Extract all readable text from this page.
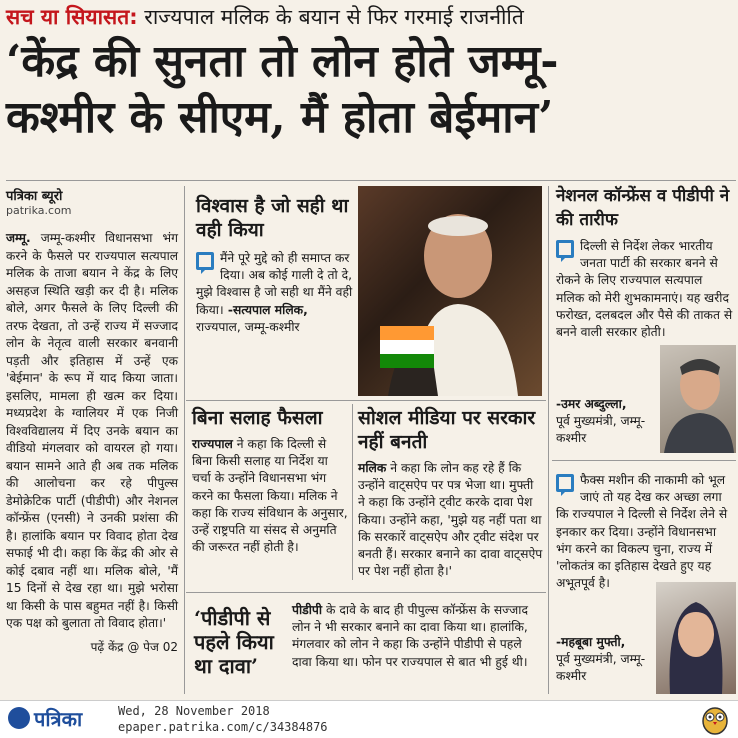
सच या सियासत: राज्यपाल मलिक के बयान से फिर गरमाई राजनीति
‘केंद्र की सुनता तो लोन होते जम्मू-
कश्मीर के सीएम, मैं होता बेईमान’
पत्रिका ब्यूरो
patrika.com
जम्मू. जम्मू-कश्मीर विधानसभा भंग करने के फैसले पर राज्यपाल सत्यपाल मलिक के ताजा बयान ने केंद्र के लिए असहज स्थिति खड़ी कर दी है। मलिक बोले, अगर फैसले के लिए दिल्ली की तरफ देखता, तो उन्हें राज्य में सज्जाद लोन के नेतृत्व वाली सरकार बनवानी पड़ती और इतिहास में उन्हें एक 'बेईमान' के रूप में याद किया जाता। इसलिए, मामला ही खत्म कर दिया। मध्यप्रदेश के ग्वालियर में एक निजी विश्वविद्यालय में दिए उनके बयान का वीडियो मंगलवार को वायरल हो गया। बयान सामने आते ही अब तक मलिक की आलोचना कर रहे पीपुल्स डेमोक्रेटिक पार्टी (पीडीपी) और नेशनल कॉन्फ्रेंस (एनसी) ने उनकी प्रशंसा की है। हालांकि बयान पर विवाद होता देख सफाई भी दी। कहा कि केंद्र की ओर से कोई दबाव नहीं था। मलिक बोले, 'मैं 15 दिनों से देख रहा था। मुझे भरोसा था किसी के पास बहुमत नहीं है। किसी एक पक्ष को बुलाता तो विवाद होता।'
पढ़ें केंद्र @ पेज 02
विश्वास है जो सही था वही किया
मैंने पूरे मुद्दे को ही समाप्त कर दिया। अब कोई गाली दे तो दे, मुझे विश्वास है जो सही था मैंने वही किया। -सत्यपाल मलिक, राज्यपाल, जम्मू-कश्मीर
बिना सलाह फैसला
राज्यपाल ने कहा कि दिल्ली से बिना किसी सलाह या निर्देश या चर्चा के उन्होंने विधानसभा भंग करने का फैसला किया। मलिक ने कहा कि राज्य संविधान के अनुसार, उन्हें राष्ट्रपति या संसद से अनुमति की जरूरत नहीं होती है।
सोशल मीडिया पर सरकार नहीं बनती
मलिक ने कहा कि लोन कह रहे हैं कि उन्होंने वाट्सऐप पर पत्र भेजा था। मुफ्ती ने कहा कि उन्होंने ट्वीट करके दावा पेश किया। उन्होंने कहा, 'मुझे यह नहीं पता था कि सरकारें वाट्सऐप और ट्वीट संदेश पर बनती हैं। सरकार बनाने का दावा वाट्सऐप पर पेश नहीं होता है।'
‘पीडीपी से पहले किया था दावा’
पीडीपी के दावे के बाद ही पीपुल्स कॉन्फ्रेंस के सज्जाद लोन ने भी सरकार बनाने का दावा किया था। हालांकि, मंगलवार को लोन ने कहा कि उन्होंने पीडीपी से पहले दावा किया था। फोन पर राज्यपाल से बात भी हुई थी।
नेशनल कॉन्फ्रेंस व पीडीपी ने की तारीफ
दिल्ली से निर्देश लेकर भारतीय जनता पार्टी की सरकार बनने से रोकने के लिए राज्यपाल सत्यपाल मलिक को मेरी शुभकामनाएं। यह खरीद फरोख्त, दलबदल और पैसे की ताकत से बनने वाली सरकार होती।
-उमर अब्दुल्ला,
पूर्व मुख्यमंत्री, जम्मू-कश्मीर
फैक्स मशीन की नाकामी को भूल जाएं तो यह देख कर अच्छा लगा कि राज्यपाल ने दिल्ली से निर्देश लेने से इनकार कर दिया। उन्होंने विधानसभा भंग करने का विकल्प चुना, राज्य में 'लोकतंत्र का इतिहास देखते हुए यह अभूतपूर्व है।
-महबूबा मुफ्ती,
पूर्व मुख्यमंत्री, जम्मू-कश्मीर
पत्रिका	Wed, 28 November 2018
epaper.patrika.com/c/34384876
